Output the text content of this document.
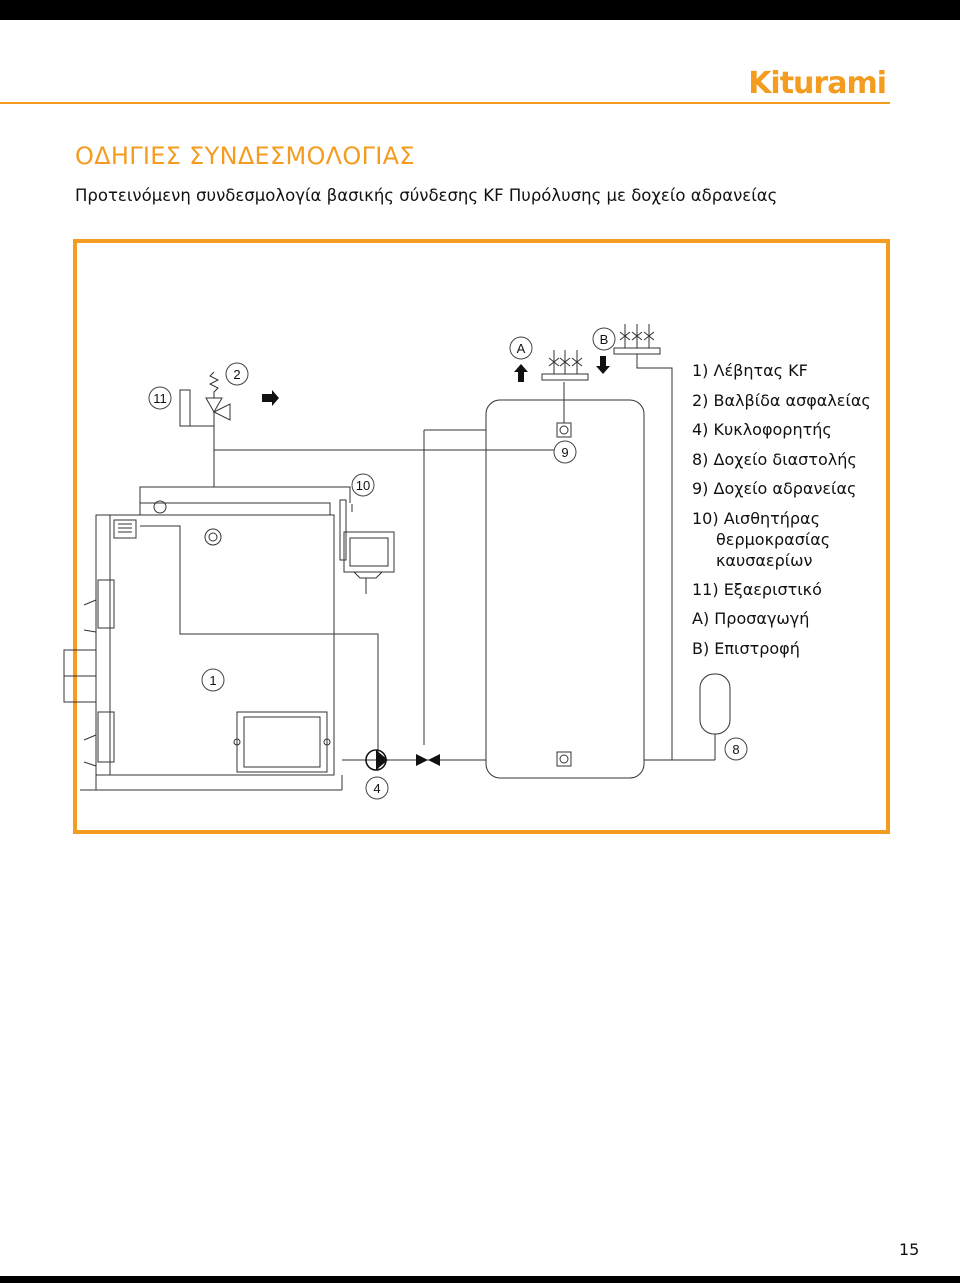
Kiturami
ΟΔΗΓΙΕΣ ΣΥΝΔΕΣΜΟΛΟΓΙΑΣ
Προτεινόμενη συνδεσμολογία βασικής σύνδεσης KF Πυρόλυσης με δοχείο αδρανείας
11
2
A
B
9
10
1
4
8
1) Λέβητας KF
2) Βαλβίδα ασφαλείας
4) Κυκλοφορητής
8) Δοχείο διαστολής
9) Δοχείο αδρανείας
10) Αισθητήρας
θερμοκρασίας
καυσαερίων
11) Εξαεριστικό
Α) Προσαγωγή
Β) Επιστροφή
15
